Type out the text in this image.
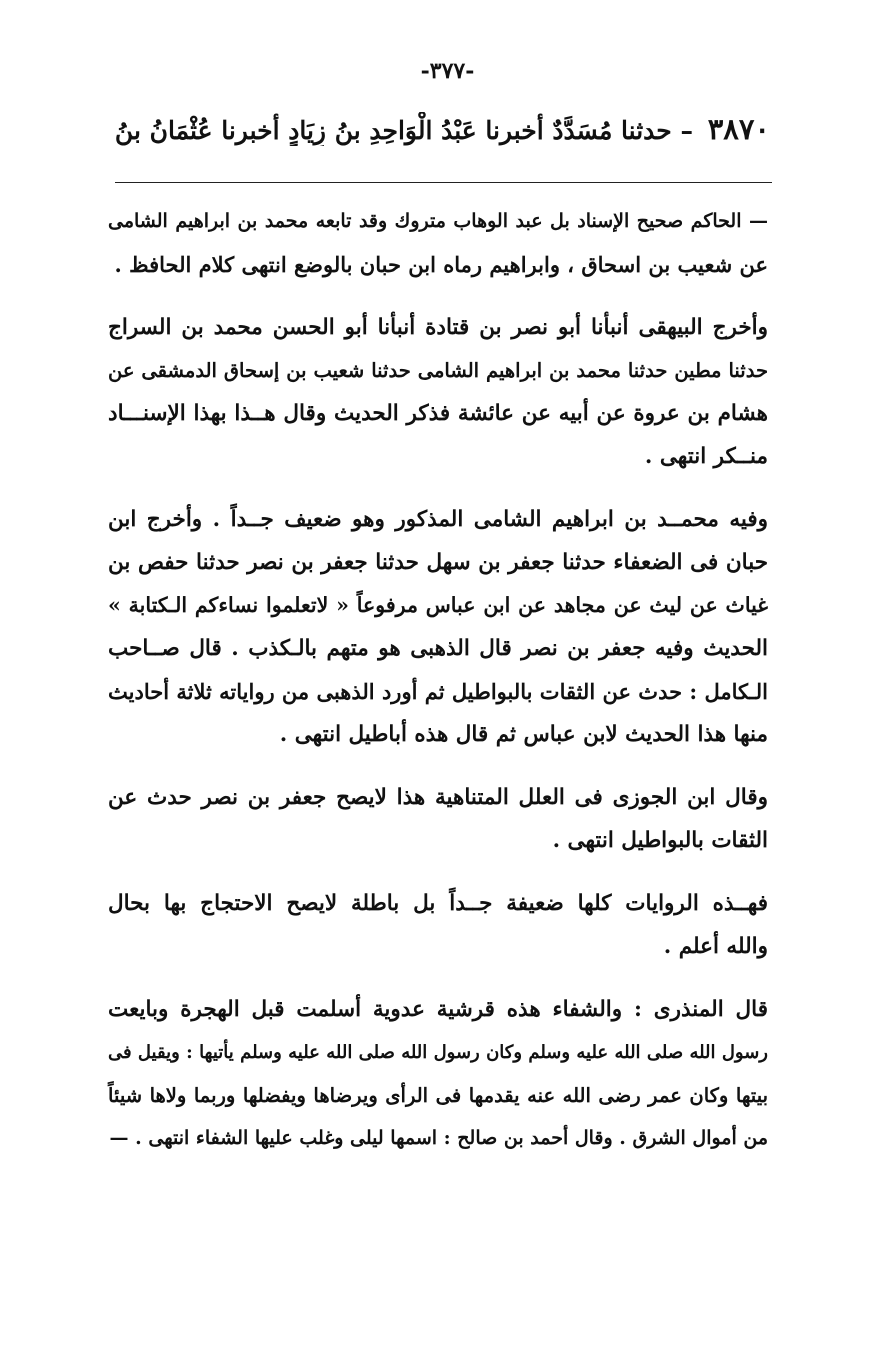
-٣٧٧-
٣٨٧٠ – حدثنا مُسَدَّدٌ أخبرنا عَبْدُ الْوَاحِدِ بنُ زِيَادٍ أخبرنا عُثْمَانُ بنُ
— الحاكم صحيح الإسناد بل عبد الوهاب متروك وقد تابعه محمد بن ابراهيم الشامى
عن شعيب بن اسحاق ، وابراهيم رماه ابن حبان بالوضع انتهى كلام الحافظ .
وأخرج البيهقى أنبأنا أبو نصر بن قتادة أنبأنا أبو الحسن محمد بن السراج
حدثنا مطين حدثنا محمد بن ابراهيم الشامى حدثنا شعيب بن إسحاق الدمشقى عن
هشام بن عروة عن أبيه عن عائشة فذكر الحديث وقال هــذا بهذا الإسنـــاد
منــكر انتهى .
وفيه محمــد بن ابراهيم الشامى المذكور وهو ضعيف جــداً . وأخرج ابن
حبان فى الضعفاء حدثنا جعفر بن سهل حدثنا جعفر بن نصر حدثنا حفص بن
غياث عن ليث عن مجاهد عن ابن عباس مرفوعاً « لاتعلموا نساءكم الـكتابة »
الحديث وفيه جعفر بن نصر قال الذهبى هو متهم بالـكذب . قال صــاحب
الـكامل : حدث عن الثقات بالبواطيل ثم أورد الذهبى من رواياته ثلاثة أحاديث
منها هذا الحديث لابن عباس ثم قال هذه أباطيل انتهى .
وقال ابن الجوزى فى العلل المتناهية هذا لايصح جعفر بن نصر حدث عن
الثقات بالبواطيل انتهى .
فهــذه الروايات كلها ضعيفة جــداً بل باطلة لايصح الاحتجاج بها بحال
والله أعلم .
قال المنذرى : والشفاء هذه قرشية عدوية أسلمت قبل الهجرة وبايعت
رسول الله صلى الله عليه وسلم وكان رسول الله صلى الله عليه وسلم يأتيها : ويقيل فى
بيتها وكان عمر رضى الله عنه يقدمها فى الرأى ويرضاها ويفضلها وربما ولاها شيئاً
من أموال الشرق . وقال أحمد بن صالح : اسمها ليلى وغلب عليها الشفاء انتهى . —
